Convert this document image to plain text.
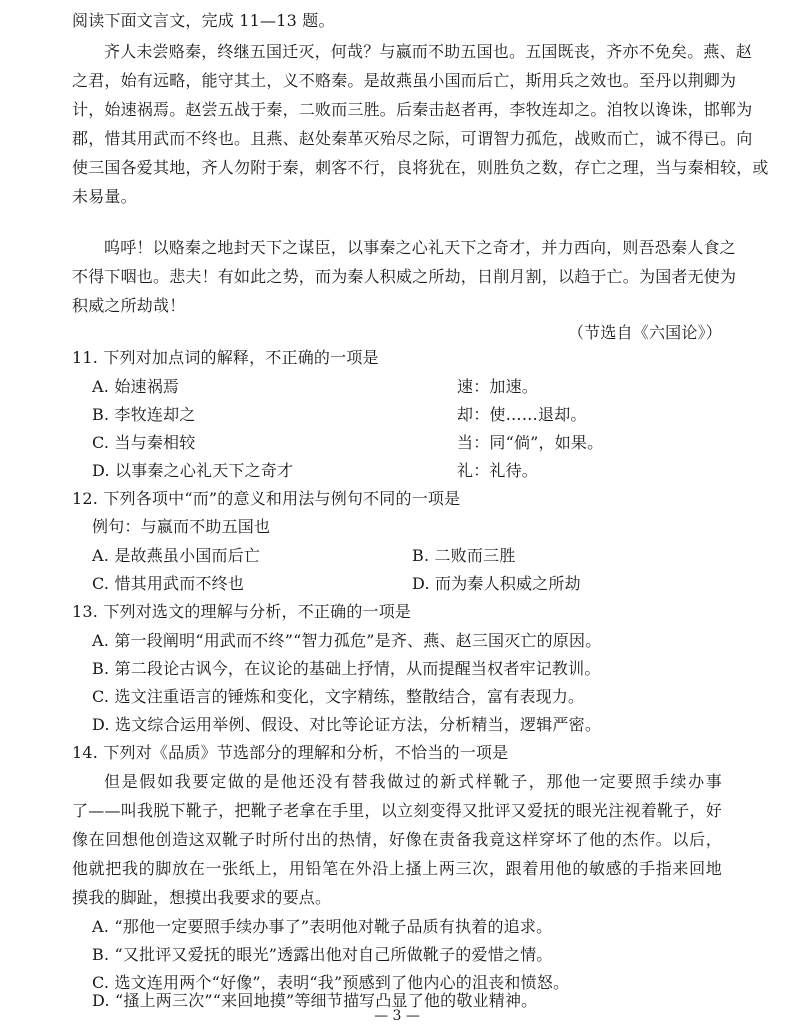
阅读下面文言文，完成 11—13 题。
齐人未尝赂秦，终继五国迁灭，何哉？与嬴而不助五国也。五国既丧，齐亦不免矣。燕、赵
之君，始有远略，能守其土，义不赂秦。是故燕虽小国而后亡，斯用兵之效也。至丹以荆卿为
计，始速祸焉。赵尝五战于秦，二败而三胜。后秦击赵者再，李牧连却之。洎牧以谗诛，邯郸为
郡，惜其用武而不终也。且燕、赵处秦革灭殆尽之际，可谓智力孤危，战败而亡，诚不得已。向
使三国各爱其地，齐人勿附于秦，刺客不行，良将犹在，则胜负之数，存亡之理，当与秦相较，或
未易量。
呜呼！以赂秦之地封天下之谋臣，以事秦之心礼天下之奇才，并力西向，则吾恐秦人食之
不得下咽也。悲夫！有如此之势，而为秦人积威之所劫，日削月割，以趋于亡。为国者无使为
积威之所劫哉！
（节选自《六国论》）
11. 下列对加点词的解释，不正确的一项是
A. 始速祸焉	速：加速。
B. 李牧连却之	却：使……退却。
C. 当与秦相较	当：同“倘”，如果。
D. 以事秦之心礼天下之奇才	礼：礼待。
12. 下列各项中“而”的意义和用法与例句不同的一项是
例句：与嬴而不助五国也
A. 是故燕虽小国而后亡	B. 二败而三胜
C. 惜其用武而不终也	D. 而为秦人积威之所劫
13. 下列对选文的理解与分析，不正确的一项是
A. 第一段阐明“用武而不终”“智力孤危”是齐、燕、赵三国灭亡的原因。
B. 第二段论古讽今，在议论的基础上抒情，从而提醒当权者牢记教训。
C. 选文注重语言的锤炼和变化，文字精练，整散结合，富有表现力。
D. 选文综合运用举例、假设、对比等论证方法，分析精当，逻辑严密。
14. 下列对《品质》节选部分的理解和分析，不恰当的一项是
但是假如我要定做的是他还没有替我做过的新式样靴子，那他一定要照手续办事
了——叫我脱下靴子，把靴子老拿在手里，以立刻变得又批评又爱抚的眼光注视着靴子，好
像在回想他创造这双靴子时所付出的热情，好像在责备我竟这样穿坏了他的杰作。以后，
他就把我的脚放在一张纸上，用铅笔在外沿上搔上两三次，跟着用他的敏感的手指来回地
摸我的脚趾，想摸出我要求的要点。
A. “那他一定要照手续办事了”表明他对靴子品质有执着的追求。
B. “又批评又爱抚的眼光”透露出他对自己所做靴子的爱惜之情。
C. 选文连用两个“好像”，表明“我”预感到了他内心的沮丧和愤怒。
D. “搔上两三次”“来回地摸”等细节描写凸显了他的敬业精神。
— 3 —
